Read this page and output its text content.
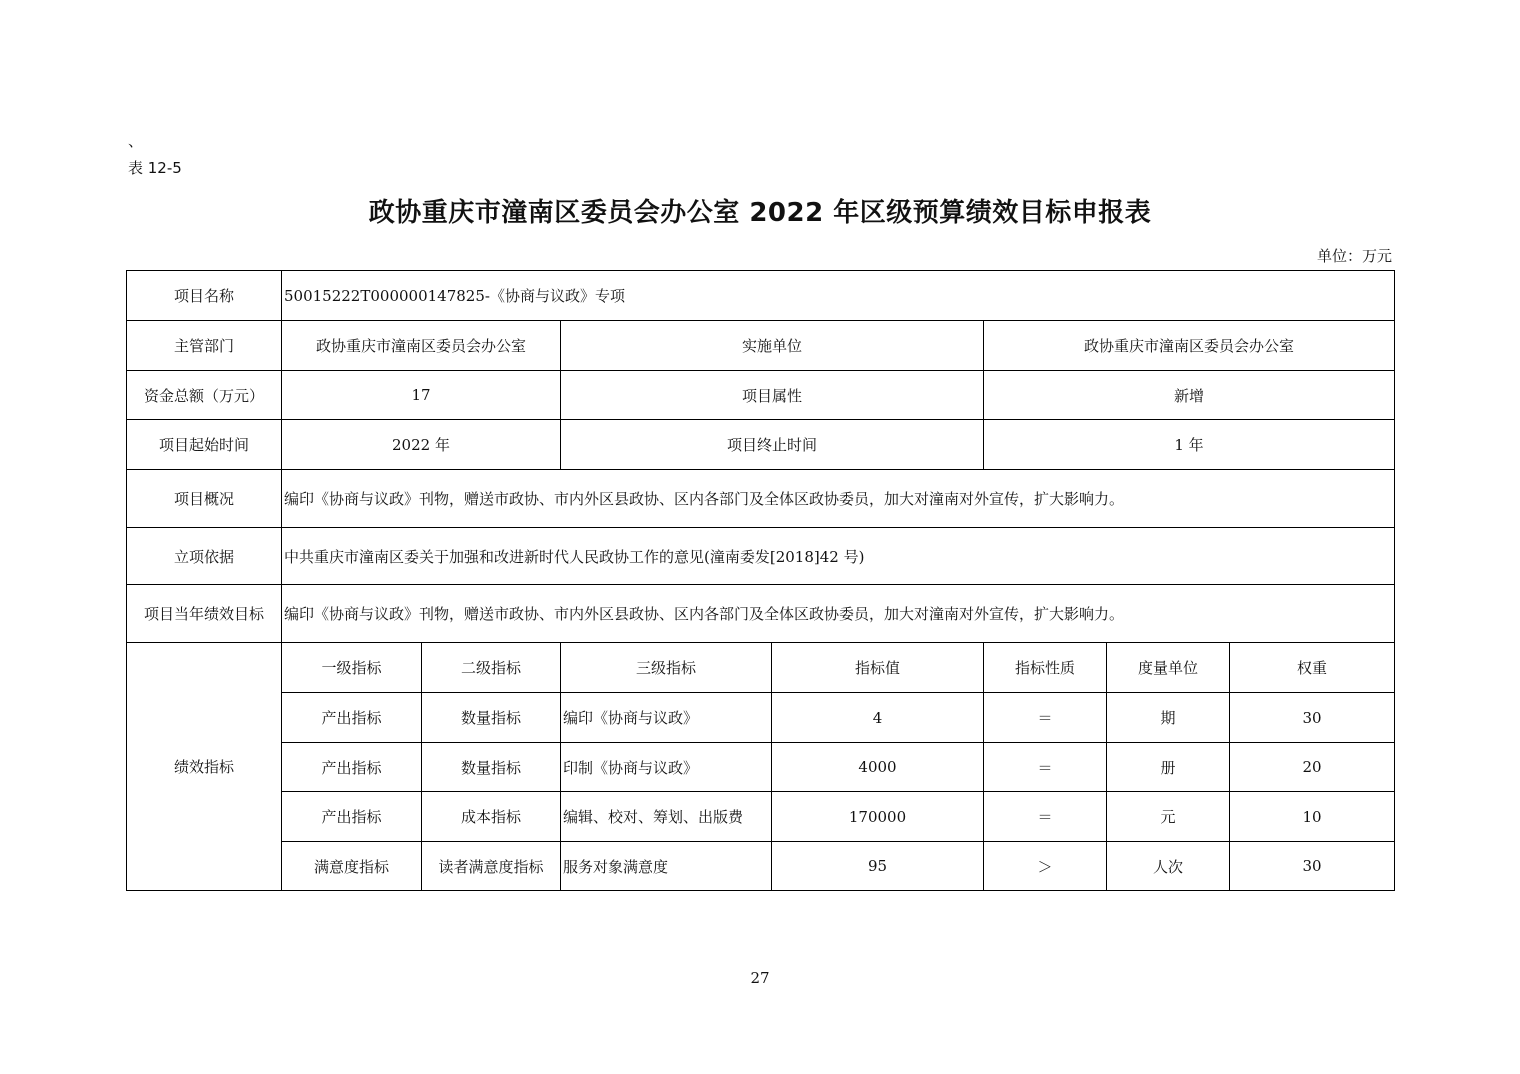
、
表 12-5
政协重庆市潼南区委员会办公室 2022 年区级预算绩效目标申报表
单位：万元
项目名称	50015222T000000147825-《协商与议政》专项						
主管部门	政协重庆市潼南区委员会办公室		实施单位		政协重庆市潼南区委员会办公室		
资金总额（万元）	17		项目属性		新增		
项目起始时间	2022 年		项目终止时间		1 年		
项目概况	编印《协商与议政》刊物，赠送市政协、市内外区县政协、区内各部门及全体区政协委员，加大对潼南对外宣传，扩大影响力。						
立项依据	中共重庆市潼南区委关于加强和改进新时代人民政协工作的意见(潼南委发[2018]42 号)						
项目当年绩效目标	编印《协商与议政》刊物，赠送市政协、市内外区县政协、区内各部门及全体区政协委员，加大对潼南对外宣传，扩大影响力。						
绩效指标	一级指标	二级指标	三级指标	指标值	指标性质	度量单位	权重
	产出指标	数量指标	编印《协商与议政》	4	＝	期	30
	产出指标	数量指标	印制《协商与议政》	4000	＝	册	20
	产出指标	成本指标	编辑、校对、筹划、出版费	170000	＝	元	10
	满意度指标	读者满意度指标	服务对象满意度	95	＞	人次	30
27
